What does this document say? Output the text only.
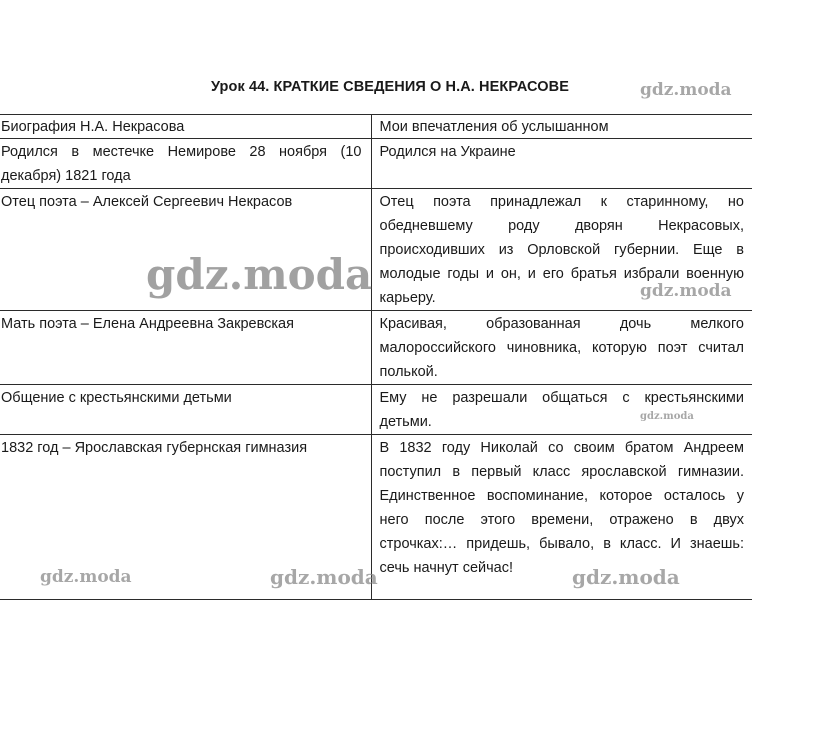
Урок 44. КРАТКИЕ СВЕДЕНИЯ О Н.А. НЕКРАСОВЕ
Биография Н.А. Некрасова	Мои впечатления об услышанном
Родился в местечке Немирове 28 ноября (10 декабря) 1821 года	Родился на Украине
Отец поэта – Алексей Сергеевич Некрасов	Отец поэта принадлежал к старинному, но обедневшему роду дворян Некрасовых, происходивших из Орловской губернии. Еще в молодые годы и он, и его братья избрали военную карьеру.
Мать поэта – Елена Андреевна Закревская	Красивая, образованная дочь мелкого малороссийского чиновника, которую поэт считал полькой.
Общение с крестьянскими детьми	Ему не разрешали общаться с крестьянскими детьми.
1832 год – Ярославская губернская гимназия	В 1832 году Николай со своим братом Андреем поступил в первый класс ярославской гимназии. Единственное воспоминание, которое осталось у него после этого времени, отражено в двух строчках:… придешь, бывало, в класс. И знаешь: сечь начнут сейчас!
gdz.moda
gdz.moda	gdz.moda
gdz.moda
gdz.moda	gdz.moda	gdz.moda
